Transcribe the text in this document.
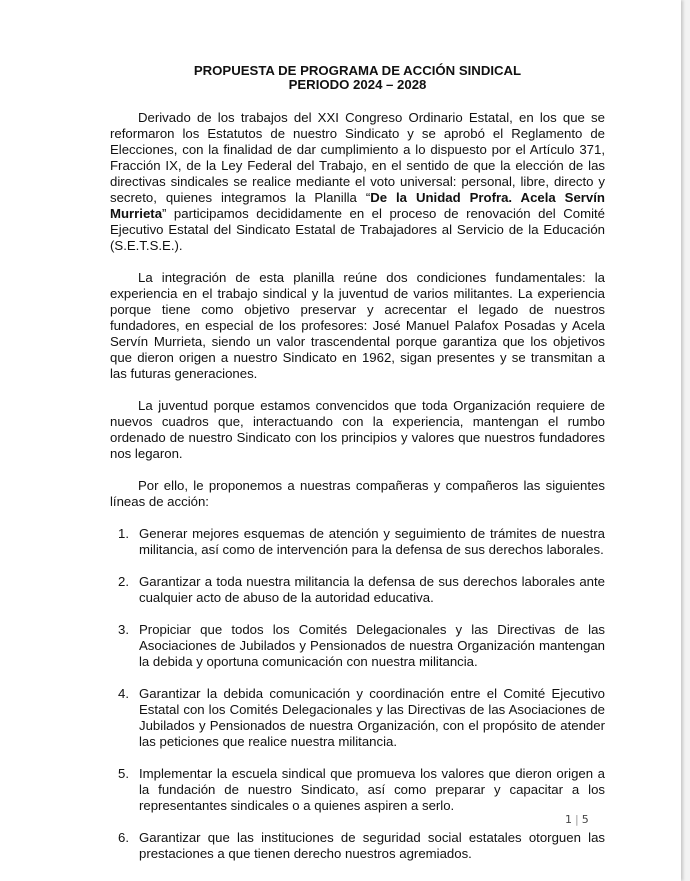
PROPUESTA DE PROGRAMA DE ACCIÓN SINDICAL
PERIODO 2024 – 2028

Derivado de los trabajos del XXI Congreso Ordinario Estatal, en los que se reformaron los Estatutos de nuestro Sindicato y se aprobó el Reglamento de Elecciones, con la finalidad de dar cumplimiento a lo dispuesto por el Artículo 371, Fracción IX, de la Ley Federal del Trabajo, en el sentido de que la elección de las directivas sindicales se realice mediante el voto universal: personal, libre, directo y secreto, quienes integramos la Planilla “De la Unidad Profra. Acela Servín Murrieta” participamos decididamente en el proceso de renovación del Comité Ejecutivo Estatal del Sindicato Estatal de Trabajadores al Servicio de la Educación (S.E.T.S.E.).

La integración de esta planilla reúne dos condiciones fundamentales: la experiencia en el trabajo sindical y la juventud de varios militantes. La experiencia porque tiene como objetivo preservar y acrecentar el legado de nuestros fundadores, en especial de los profesores: José Manuel Palafox Posadas y Acela Servín Murrieta, siendo un valor trascendental porque garantiza que los objetivos que dieron origen a nuestro Sindicato en 1962, sigan presentes y se transmitan a las futuras generaciones.

La juventud porque estamos convencidos que toda Organización requiere de nuevos cuadros que, interactuando con la experiencia, mantengan el rumbo ordenado de nuestro Sindicato con los principios y valores que nuestros fundadores nos legaron.

Por ello, le proponemos a nuestras compañeras y compañeros las siguientes líneas de acción:

1. Generar mejores esquemas de atención y seguimiento de trámites de nuestra militancia, así como de intervención para la defensa de sus derechos laborales.
2. Garantizar a toda nuestra militancia la defensa de sus derechos laborales ante cualquier acto de abuso de la autoridad educativa.
3. Propiciar que todos los Comités Delegacionales y las Directivas de las Asociaciones de Jubilados y Pensionados de nuestra Organización mantengan la debida y oportuna comunicación con nuestra militancia.
4. Garantizar la debida comunicación y coordinación entre el Comité Ejecutivo Estatal con los Comités Delegacionales y las Directivas de las Asociaciones de Jubilados y Pensionados de nuestra Organización, con el propósito de atender las peticiones que realice nuestra militancia.
5. Implementar la escuela sindical que promueva los valores que dieron origen a la fundación de nuestro Sindicato, así como preparar y capacitar a los representantes sindicales o a quienes aspiren a serlo.
6. Garantizar que las instituciones de seguridad social estatales otorguen las prestaciones a que tienen derecho nuestros agremiados.
1 | 5
